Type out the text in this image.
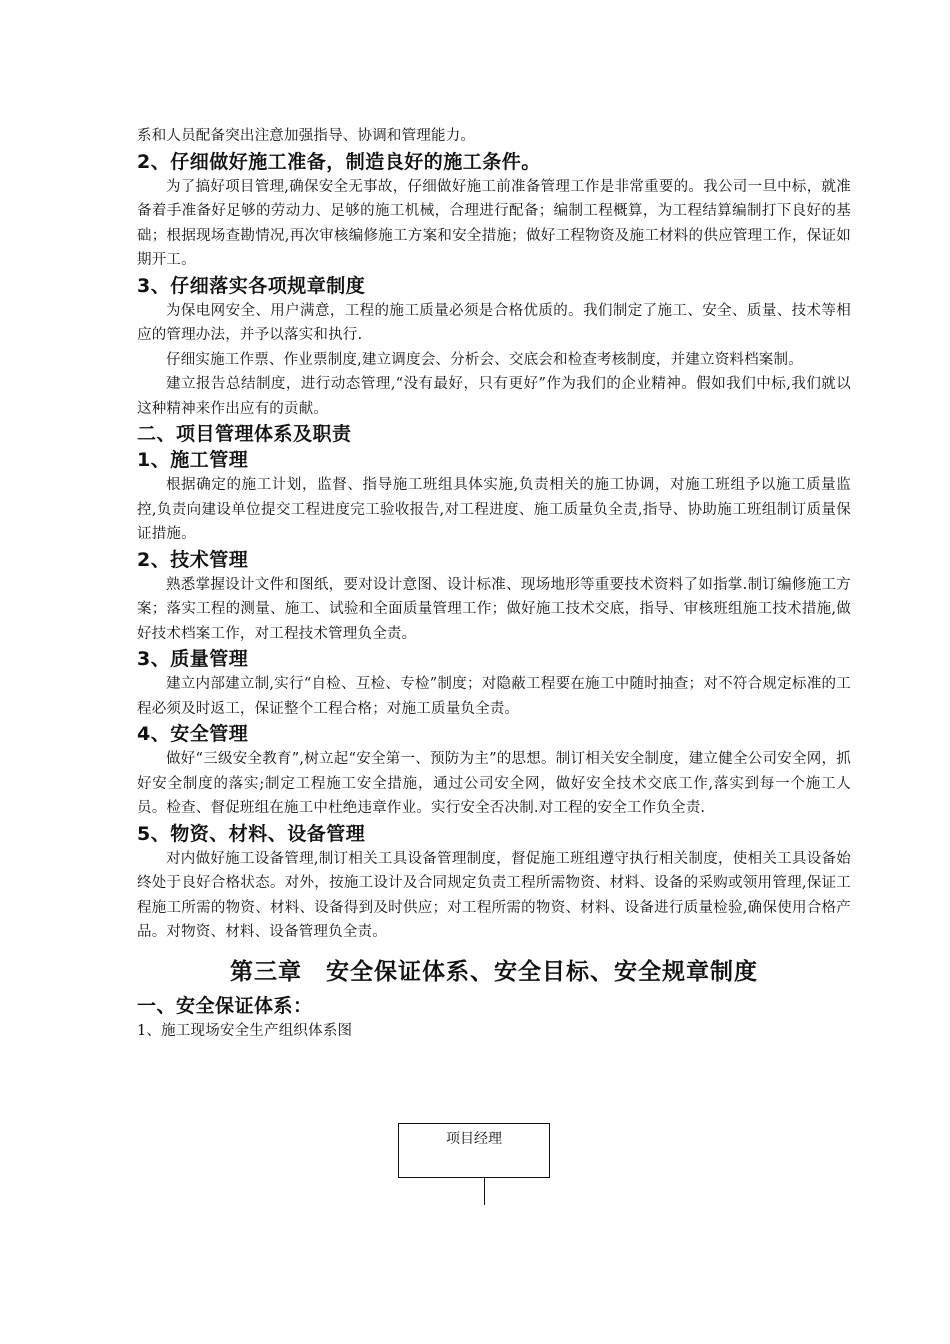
系和人员配备突出注意加强指导、协调和管理能力。

2、仔细做好施工准备，制造良好的施工条件。

为了搞好项目管理,确保安全无事故，仔细做好施工前准备管理工作是非常重要的。我公司一旦中标，就准备着手准备好足够的劳动力、足够的施工机械，合理进行配备；编制工程概算，为工程结算编制打下良好的基础；根据现场查勘情况,再次审核编修施工方案和安全措施；做好工程物资及施工材料的供应管理工作，保证如期开工。

3、仔细落实各项规章制度

为保电网安全、用户满意，工程的施工质量必须是合格优质的。我们制定了施工、安全、质量、技术等相应的管理办法，并予以落实和执行.

仔细实施工作票、作业票制度,建立调度会、分析会、交底会和检查考核制度，并建立资料档案制。

建立报告总结制度，进行动态管理,“没有最好，只有更好”作为我们的企业精神。假如我们中标,我们就以这种精神来作出应有的贡献。

二、项目管理体系及职责
1、施工管理

根据确定的施工计划，监督、指导施工班组具体实施,负责相关的施工协调，对施工班组予以施工质量监控,负责向建设单位提交工程进度完工验收报告,对工程进度、施工质量负全责,指导、协助施工班组制订质量保证措施。

2、技术管理

熟悉掌握设计文件和图纸，要对设计意图、设计标准、现场地形等重要技术资料了如指掌.制订编修施工方案；落实工程的测量、施工、试验和全面质量管理工作；做好施工技术交底，指导、审核班组施工技术措施,做好技术档案工作，对工程技术管理负全责。

3、质量管理

建立内部建立制,实行“自检、互检、专检”制度；对隐蔽工程要在施工中随时抽查；对不符合规定标准的工程必须及时返工，保证整个工程合格；对施工质量负全责。

4、安全管理

做好“三级安全教育”,树立起“安全第一、预防为主”的思想。制订相关安全制度，建立健全公司安全网，抓好安全制度的落实;制定工程施工安全措施，通过公司安全网，做好安全技术交底工作,落实到每一个施工人员。检查、督促班组在施工中杜绝违章作业。实行安全否决制.对工程的安全工作负全责.

5、物资、材料、设备管理

对内做好施工设备管理,制订相关工具设备管理制度，督促施工班组遵守执行相关制度，使相关工具设备始终处于良好合格状态。对外，按施工设计及合同规定负责工程所需物资、材料、设备的采购或领用管理,保证工程施工所需的物资、材料、设备得到及时供应；对工程所需的物资、材料、设备进行质量检验,确保使用合格产品。对物资、材料、设备管理负全责。

第三章　安全保证体系、安全目标、安全规章制度
一、安全保证体系：

1、施工现场安全生产组织体系图

项目经理
